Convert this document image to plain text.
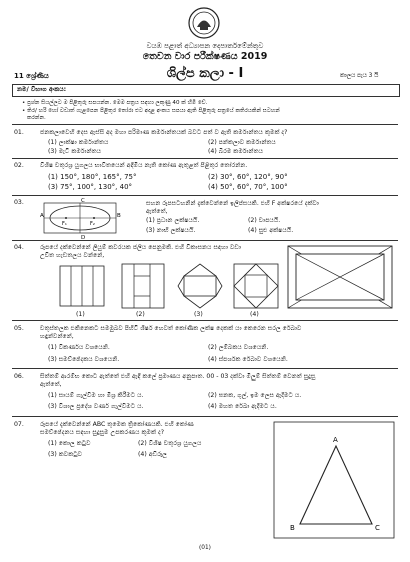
වයඹ පළාත් අධ්‍යාපන දෙපාර්තමේන්තුව
තෙවන වාර පරීක්ෂණය 2019
11 ශ්‍රේණිය	ශිල්ප කලා - I	කාලය පැය 3 යි
නම/ විභාග අංකය:
• ප්‍රශ්න සියල්ලට ම පිළිතුරු සපයන්න. මෙම පත්‍රය සඳහා ලකුණු 40 ක් හිමි වේ.
• තිර/ හරි හෝ වඩාත් ගැළපෙන පිළිතුර තෝරා එට අදාළ අංකය සපයා ඇති පිළිතුරු පත්‍රයේ කතිරයකින් සටහන්
කරන්න.
01.	ජනකලාවෙහි දෙස ඇස්සි අද මහා පරිමාණ කර්මාන්තයක් බවට පත් ව ඇති කර්මාන්තය කුමක් ද?
(1) ලාක්ෂා කර්මාන්තය	(2) පන්කලාව කර්මාන්තය
(3) මැටි කර්මාන්තය	(4) බිරම කර්මාන්තය
02.	විශිෂ චතුරශ්‍ර යුගලය භාවිතයෙන් අඳිමිය නැති කෝණ ඇතුළත් පිළිතුර තෝරන්න.
(1) 150°, 180°, 165°, 75°	(2) 30°, 60°, 120°, 90°
(3) 75°, 100°, 130°, 40°	(4) 50°, 60°, 70°, 100°
03.	C
A	B
D
F₁	F₂
සහන රූපසටහනින් දැක්වෙන්නේ ඉලිප්සයකි. එහි F අක්ෂරයේ දක්වා
ඇත්තේ,
(1) ප්‍රධාන ලක්ෂයයි.	(2) චාපයයි.
(3) නාභි ලක්ෂයයි.	(4) සුළු අක්ෂයයි.
04.	රූපයේ දක්වෙන්නේ ලියුම් කවරයක ජලිය පෙනුමකි. එහි විකාසනය සඳහා වඩා
උචිත හැඩතලය වන්නේ,
(1)	(2)	(3)	(4)
05.	චතුස්තලක එකිනෙකට සමමුඛව පිහිටි ශීර්ෂ හෙවත් කෝණික ලක්ෂ දෙකක් යා කෙරෙන සරල රේඛාව
හඳුන්වන්නේ,
(1) විකර්ණය වශයෙනි.	(2) ලම්බකය වශයෙනි.
(3) සමච්ඡේදකය වශයෙනි.	(4) ස්පර්ශක රේඛාව වශයෙනි.
06.	සිත්තම් ආරම්භ කොට ඇත්තේ එහි ඇඳි කලේ ප්‍රමාණය අනුපාත. 00 - 03 දක්වා මිලුම් සිත්තම් වෙනත් සුදුසු
ඇත්තේ,
(1) සායම් ගැල්වීම හා මිශ්‍ර කිරීමට ය.	(2) ඝනක, ගුල්, ඉම ලෙස ඇදීමට ය.
(3) විශාල ප්‍රදේශ වර්ණ ගැල්වීමට ය.	(4) මහත රේඛා ඇදීමට ය.
07.	රූපයේ දැක්වෙන්නේ ABC තුමෙක ත්‍රිකෝණයකි. එහි කෝණ
සමච්ඡේදනය සඳහා සුදුසුම උපකරණය කුමක් ද?
(1) කොල කටුව	(2) විශිෂ චතුරශ්‍ර යුගලය
(3) කවකටුව	(4) අඩිරූල
A
B	C
(01)
